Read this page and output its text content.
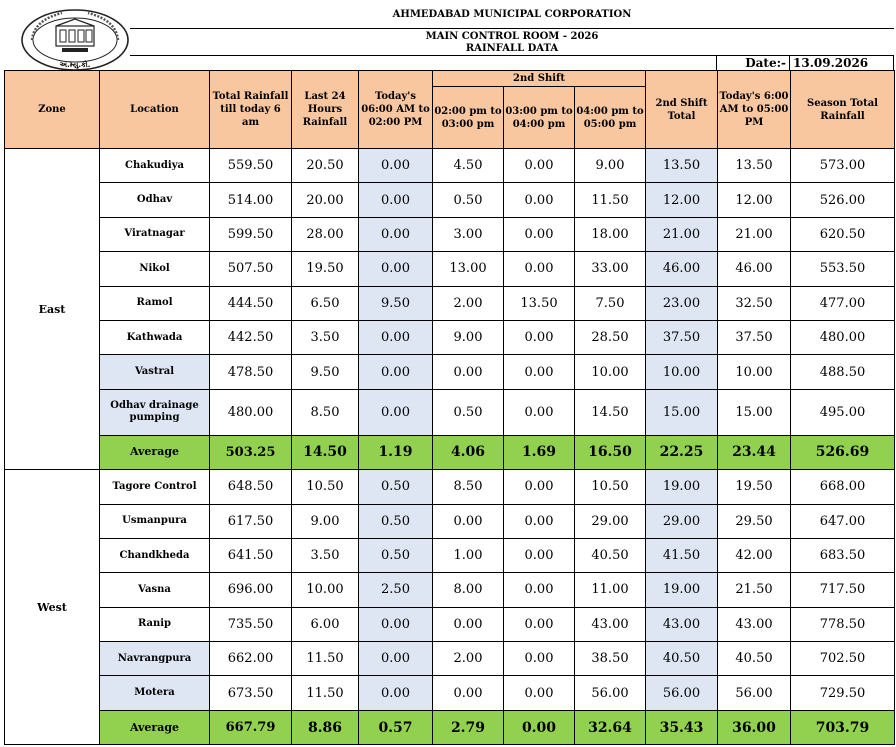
અ.મ્યુ.કો.
AHMEDABAD MUNICIPAL CORPORATION
MAIN CONTROL ROOM - 2026
RAINFALL DATA
Date:- 13.09.2026
Zone	Location	Total Rainfall till today 6 am	Last 24 Hours Rainfall	Today's 06:00 AM to 02:00 PM	2nd Shift			2nd Shift Total	Today's 6:00 AM to 05:00 PM	Season Total Rainfall
					02:00 pm to 03:00 pm	03:00 pm to 04:00 pm	04:00 pm to 05:00 pm			
East	Chakudiya	559.50	20.50	0.00	4.50	0.00	9.00	13.50	13.50	573.00
	Odhav	514.00	20.00	0.00	0.50	0.00	11.50	12.00	12.00	526.00
	Viratnagar	599.50	28.00	0.00	3.00	0.00	18.00	21.00	21.00	620.50
	Nikol	507.50	19.50	0.00	13.00	0.00	33.00	46.00	46.00	553.50
	Ramol	444.50	6.50	9.50	2.00	13.50	7.50	23.00	32.50	477.00
	Kathwada	442.50	3.50	0.00	9.00	0.00	28.50	37.50	37.50	480.00
	Vastral	478.50	9.50	0.00	0.00	0.00	10.00	10.00	10.00	488.50
	Odhav drainage pumping	480.00	8.50	0.00	0.50	0.00	14.50	15.00	15.00	495.00
	Average	503.25	14.50	1.19	4.06	1.69	16.50	22.25	23.44	526.69
West	Tagore Control	648.50	10.50	0.50	8.50	0.00	10.50	19.00	19.50	668.00
	Usmanpura	617.50	9.00	0.50	0.00	0.00	29.00	29.00	29.50	647.00
	Chandkheda	641.50	3.50	0.50	1.00	0.00	40.50	41.50	42.00	683.50
	Vasna	696.00	10.00	2.50	8.00	0.00	11.00	19.00	21.50	717.50
	Ranip	735.50	6.00	0.00	0.00	0.00	43.00	43.00	43.00	778.50
	Navrangpura	662.00	11.50	0.00	2.00	0.00	38.50	40.50	40.50	702.50
	Motera	673.50	11.50	0.00	0.00	0.00	56.00	56.00	56.00	729.50
	Average	667.79	8.86	0.57	2.79	0.00	32.64	35.43	36.00	703.79
